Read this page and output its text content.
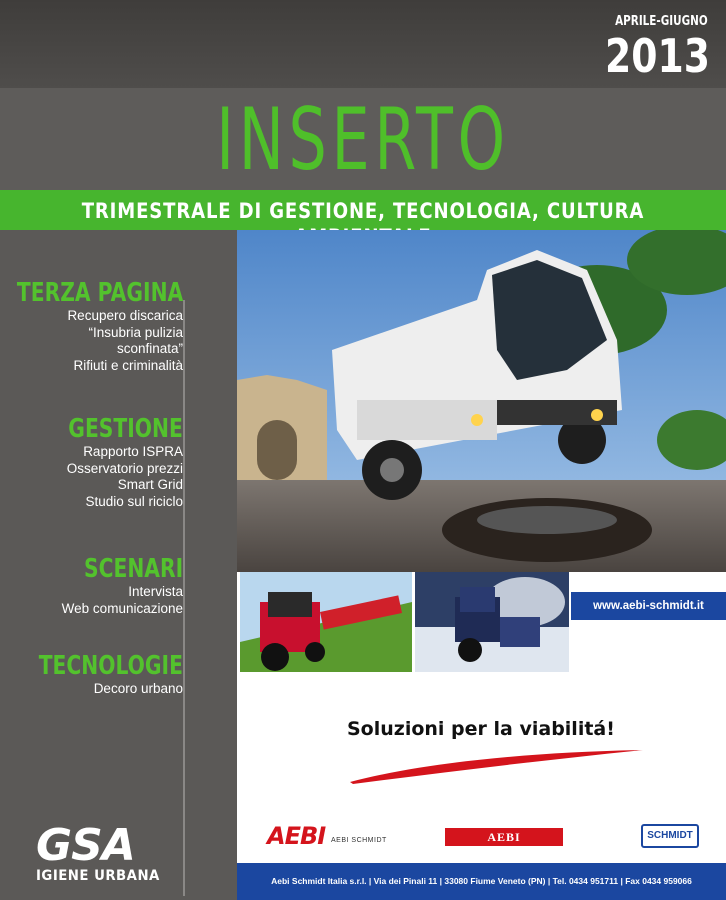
APRILE-GIUGNO
2013
INSERTO
TRIMESTRALE DI GESTIONE, TECNOLOGIA, CULTURA
TERZA PAGINA
Recupero discarica
“Insubria pulizia
sconfinata”
Rifiuti e criminalità
GESTIONE
Rapporto ISPRA
Osservatorio prezzi
Smart Grid
Studio sul riciclo
SCENARI
Intervista
Web comunicazione
TECNOLOGIE
Decoro urbano
GSA
IGIENE URBANA
www.aebi-schmidt.it
Soluzioni per la viabilitá!
AEBI AEBI SCHMIDT	AEBI	SCHMIDT
Aebi Schmidt Italia s.r.l. | Via dei Pinali 11 | 33080 Fiume Veneto (PN) | Tel. 0434 951711 | Fax 0434 959066
